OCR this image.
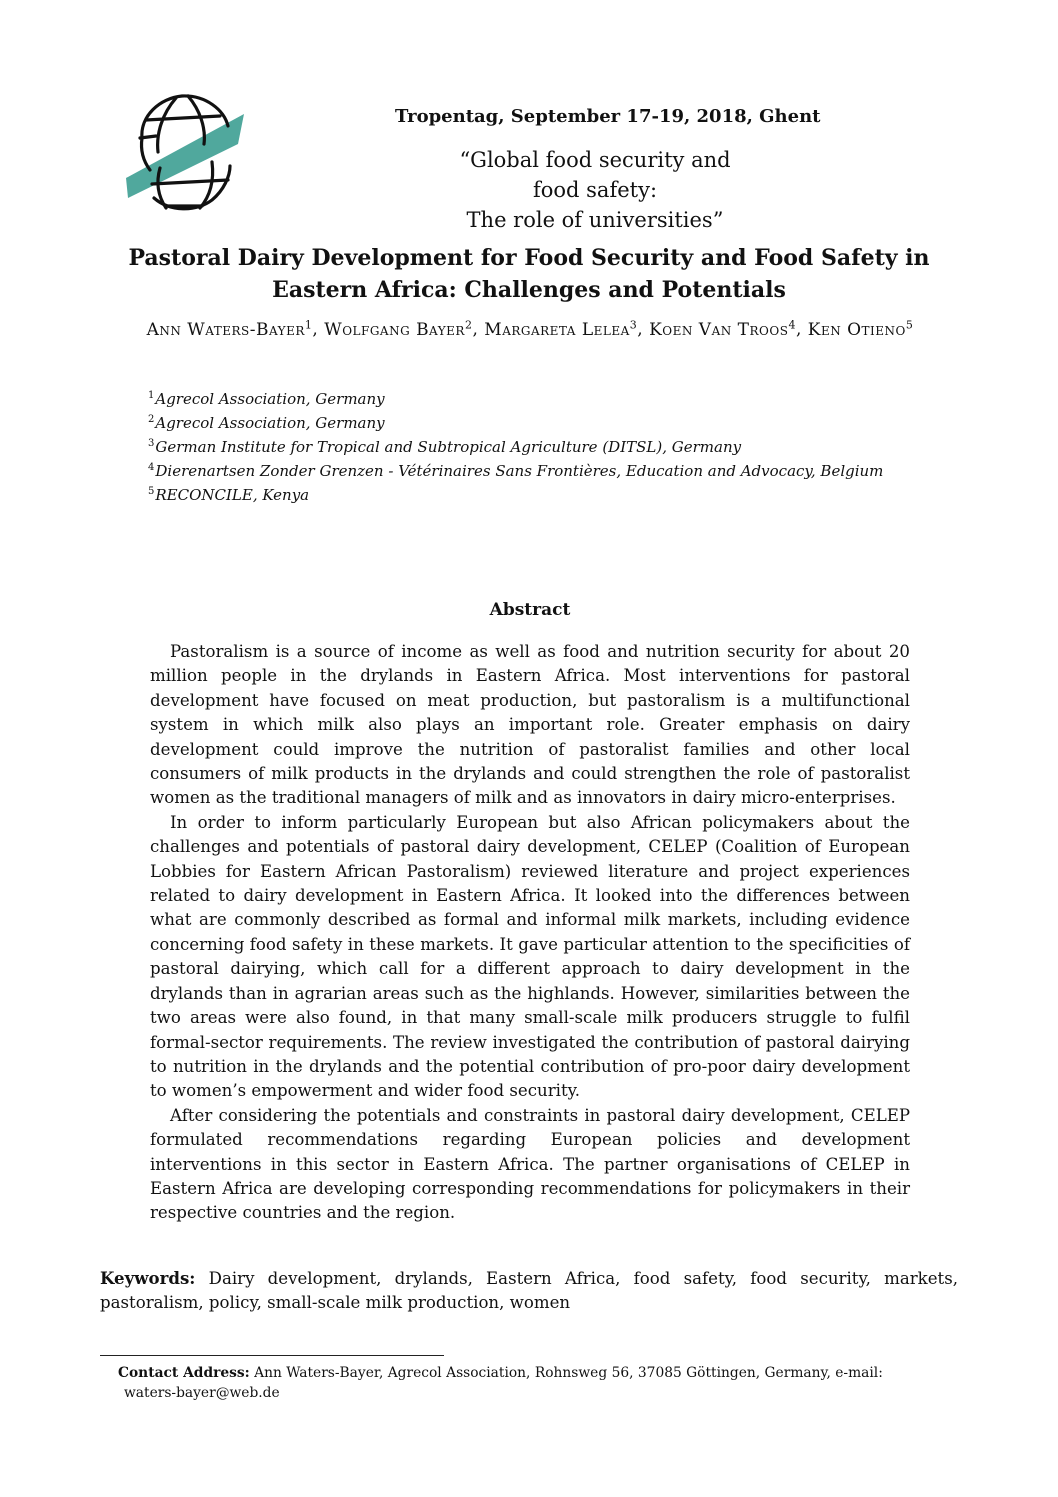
Tropentag, September 17-19, 2018, Ghent
“Global food security and food safety:
The role of universities”
Pastoral Dairy Development for Food Security and Food Safety in Eastern Africa: Challenges and Potentials
Ann Waters-Bayer$^1$, Wolfgang Bayer$^2$, Margareta Lelea$^3$, Koen Van Troos$^4$, Ken Otieno$^5$
$^1$Agrecol Association, Germany
$^2$Agrecol Association, Germany
$^3$German Institute for Tropical and Subtropical Agriculture (DITSL), Germany
$^4$Dierenartsen Zonder Grenzen - Vétérinaires Sans Frontières, Education and Advocacy, Belgium
$^5$RECONCILE, Kenya
Abstract

Pastoralism is a source of income as well as food and nutrition security for about 20 million people in the drylands in Eastern Africa. Most interventions for pastoral development have focused on meat production, but pastoralism is a multifunctional system in which milk also plays an important role. Greater emphasis on dairy development could improve the nutrition of pastoralist families and other local consumers of milk products in the drylands and could strengthen the role of pastoralist women as the traditional managers of milk and as innovators in dairy micro-enterprises.

In order to inform particularly European but also African policymakers about the challenges and potentials of pastoral dairy development, CELEP (Coalition of European Lobbies for Eastern African Pastoralism) reviewed literature and project experiences related to dairy development in Eastern Africa. It looked into the differences between what are commonly described as formal and informal milk markets, including evidence concerning food safety in these markets. It gave particular attention to the specificities of pastoral dairying, which call for a different approach to dairy development in the drylands than in agrarian areas such as the highlands. However, similarities between the two areas were also found, in that many small-scale milk producers struggle to fulfil formal-sector requirements. The review investigated the contribution of pastoral dairying to nutrition in the drylands and the potential contribution of pro-poor dairy development to women’s empowerment and wider food security.

After considering the potentials and constraints in pastoral dairy development, CELEP formulated recommendations regarding European policies and development interventions in this sector in Eastern Africa. The partner organisations of CELEP in Eastern Africa are developing corresponding recommendations for policymakers in their respective countries and the region.

Keywords: Dairy development, drylands, Eastern Africa, food safety, food security, markets, pastoralism, policy, small-scale milk production, women
Contact Address: Ann Waters-Bayer, Agrecol Association, Rohnsweg 56, 37085 Göttingen, Germany, e-mail:
waters-bayer@web.de
